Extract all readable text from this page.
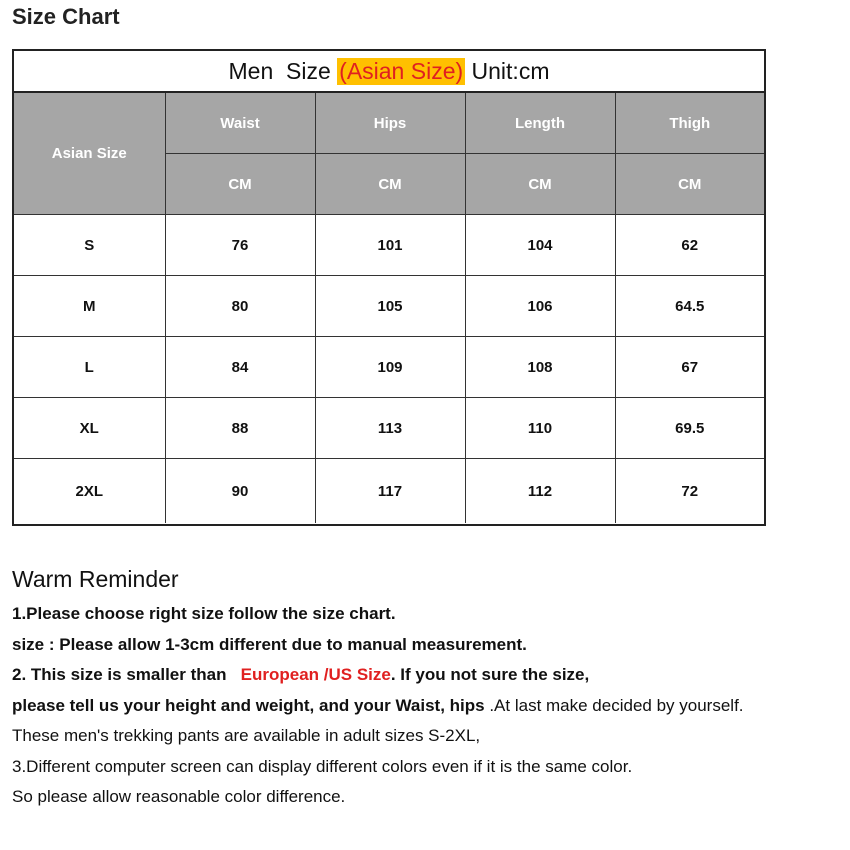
Size Chart
Men  Size (Asian Size) Unit:cm
Asian Size	Waist	Hips	Length	Thigh
	CM	CM	CM	CM
S	76	101	104	62
M	80	105	106	64.5
L	84	109	108	67
XL	88	113	110	69.5
2XL	90	117	112	72
Warm Reminder
1.Please choose right size follow the size chart.
size : Please allow 1-3cm different due to manual measurement.
2. This size is smaller than European /US Size. If you not sure the size,
please tell us your height and weight, and your Waist, hips .At last make decided by yourself.
These men's trekking pants are available in adult sizes S-2XL,
3.Different computer screen can display different colors even if it is the same color.
So please allow reasonable color difference.
